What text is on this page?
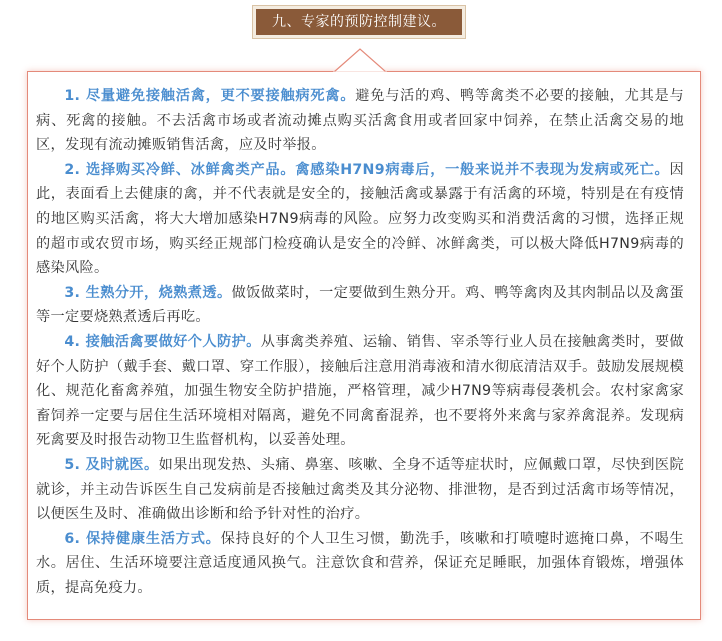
九、专家的预防控制建议。

1. 尽量避免接触活禽，更不要接触病死禽。避免与活的鸡、鸭等禽类不必要的接触，尤其是与病、死禽的接触。不去活禽市场或者流动摊点购买活禽食用或者回家中饲养，在禁止活禽交易的地区，发现有流动摊贩销售活禽，应及时举报。

2. 选择购买冷鲜、冰鲜禽类产品。禽感染H7N9病毒后，一般来说并不表现为发病或死亡。因此，表面看上去健康的禽，并不代表就是安全的，接触活禽或暴露于有活禽的环境，特别是在有疫情的地区购买活禽，将大大增加感染H7N9病毒的风险。应努力改变购买和消费活禽的习惯，选择正规的超市或农贸市场，购买经正规部门检疫确认是安全的冷鲜、冰鲜禽类，可以极大降低H7N9病毒的感染风险。

3. 生熟分开，烧熟煮透。做饭做菜时，一定要做到生熟分开。鸡、鸭等禽肉及其肉制品以及禽蛋等一定要烧熟煮透后再吃。

4. 接触活禽要做好个人防护。从事禽类养殖、运输、销售、宰杀等行业人员在接触禽类时，要做好个人防护（戴手套、戴口罩、穿工作服），接触后注意用消毒液和清水彻底清洁双手。鼓励发展规模化、规范化畜禽养殖，加强生物安全防护措施，严格管理，减少H7N9等病毒侵袭机会。农村家禽家畜饲养一定要与居住生活环境相对隔离，避免不同禽畜混养，也不要将外来禽与家养禽混养。发现病死禽要及时报告动物卫生监督机构，以妥善处理。

5. 及时就医。如果出现发热、头痛、鼻塞、咳嗽、全身不适等症状时，应佩戴口罩，尽快到医院就诊，并主动告诉医生自己发病前是否接触过禽类及其分泌物、排泄物，是否到过活禽市场等情况，以便医生及时、准确做出诊断和给予针对性的治疗。

6. 保持健康生活方式。保持良好的个人卫生习惯，勤洗手，咳嗽和打喷嚏时遮掩口鼻，不喝生水。居住、生活环境要注意适度通风换气。注意饮食和营养，保证充足睡眠，加强体育锻炼，增强体质，提高免疫力。
